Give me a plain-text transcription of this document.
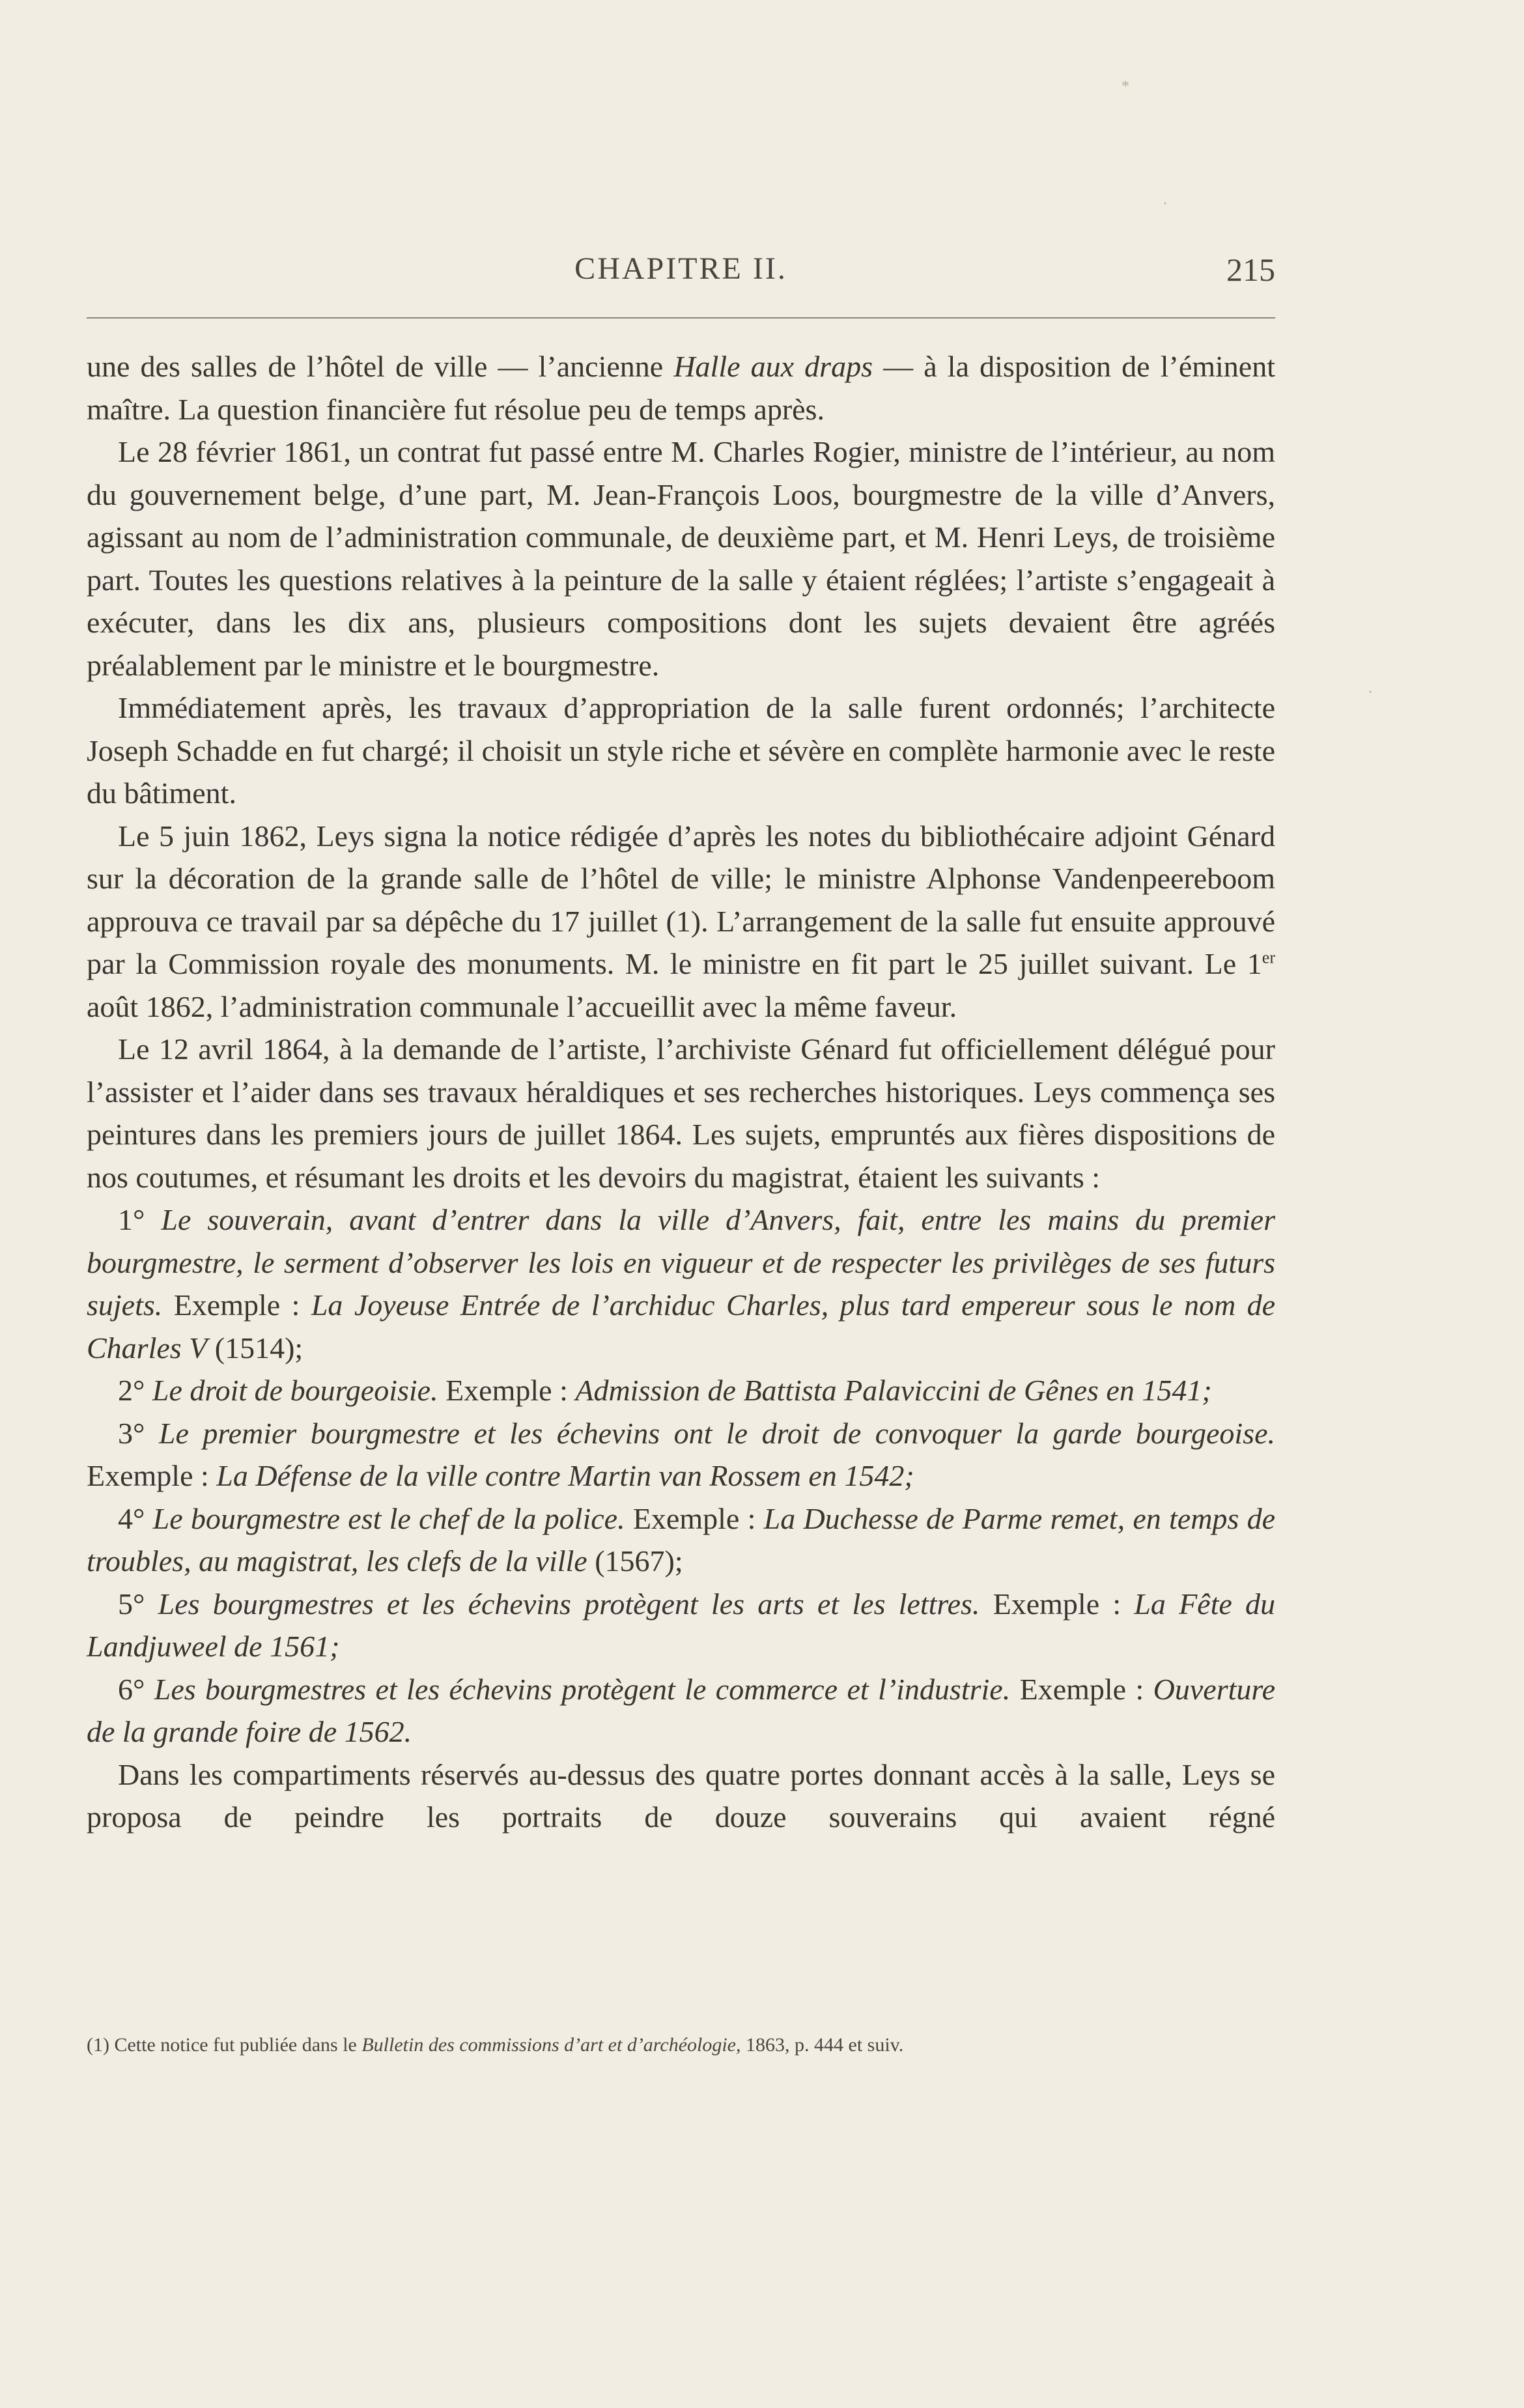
*
·
·
CHAPITRE II.	215

une des salles de l’hôtel de ville — l’ancienne Halle aux draps — à la disposition de l’éminent maître. La question financière fut résolue peu de temps après.

Le 28 février 1861, un contrat fut passé entre M. Charles Rogier, ministre de l’intérieur, au nom du gouvernement belge, d’une part, M. Jean-François Loos, bourgmestre de la ville d’Anvers, agissant au nom de l’administration communale, de deuxième part, et M. Henri Leys, de troisième part. Toutes les questions relatives à la peinture de la salle y étaient réglées; l’artiste s’engageait à exécuter, dans les dix ans, plusieurs compositions dont les sujets devaient être agréés préalablement par le ministre et le bourgmestre.

Immédiatement après, les travaux d’appropriation de la salle furent ordonnés; l’architecte Joseph Schadde en fut chargé; il choisit un style riche et sévère en complète harmonie avec le reste du bâtiment.

Le 5 juin 1862, Leys signa la notice rédigée d’après les notes du bibliothécaire adjoint Génard sur la décoration de la grande salle de l’hôtel de ville; le ministre Alphonse Vandenpeereboom approuva ce travail par sa dépêche du 17 juillet (1). L’arrangement de la salle fut ensuite approuvé par la Commission royale des monuments. M. le ministre en fit part le 25 juillet suivant. Le 1er août 1862, l’administration communale l’accueillit avec la même faveur.

Le 12 avril 1864, à la demande de l’artiste, l’archiviste Génard fut officiellement délégué pour l’assister et l’aider dans ses travaux héraldiques et ses recherches historiques. Leys commença ses peintures dans les premiers jours de juillet 1864. Les sujets, empruntés aux fières dispositions de nos coutumes, et résumant les droits et les devoirs du magistrat, étaient les suivants :

1° Le souverain, avant d’entrer dans la ville d’Anvers, fait, entre les mains du premier bourgmestre, le serment d’observer les lois en vigueur et de respecter les privilèges de ses futurs sujets. Exemple : La Joyeuse Entrée de l’archiduc Charles, plus tard empereur sous le nom de Charles V (1514);

2° Le droit de bourgeoisie. Exemple : Admission de Battista Palaviccini de Gênes en 1541;

3° Le premier bourgmestre et les échevins ont le droit de convoquer la garde bourgeoise. Exemple : La Défense de la ville contre Martin van Rossem en 1542;

4° Le bourgmestre est le chef de la police. Exemple : La Duchesse de Parme remet, en temps de troubles, au magistrat, les clefs de la ville (1567);

5° Les bourgmestres et les échevins protègent les arts et les lettres. Exemple : La Fête du Landjuweel de 1561;

6° Les bourgmestres et les échevins protègent le commerce et l’industrie. Exemple : Ouverture de la grande foire de 1562.

Dans les compartiments réservés au-dessus des quatre portes donnant accès à la salle, Leys se proposa de peindre les portraits de douze souverains qui avaient régné

(1) Cette notice fut publiée dans le Bulletin des commissions d’art et d’archéologie, 1863, p. 444 et suiv.
